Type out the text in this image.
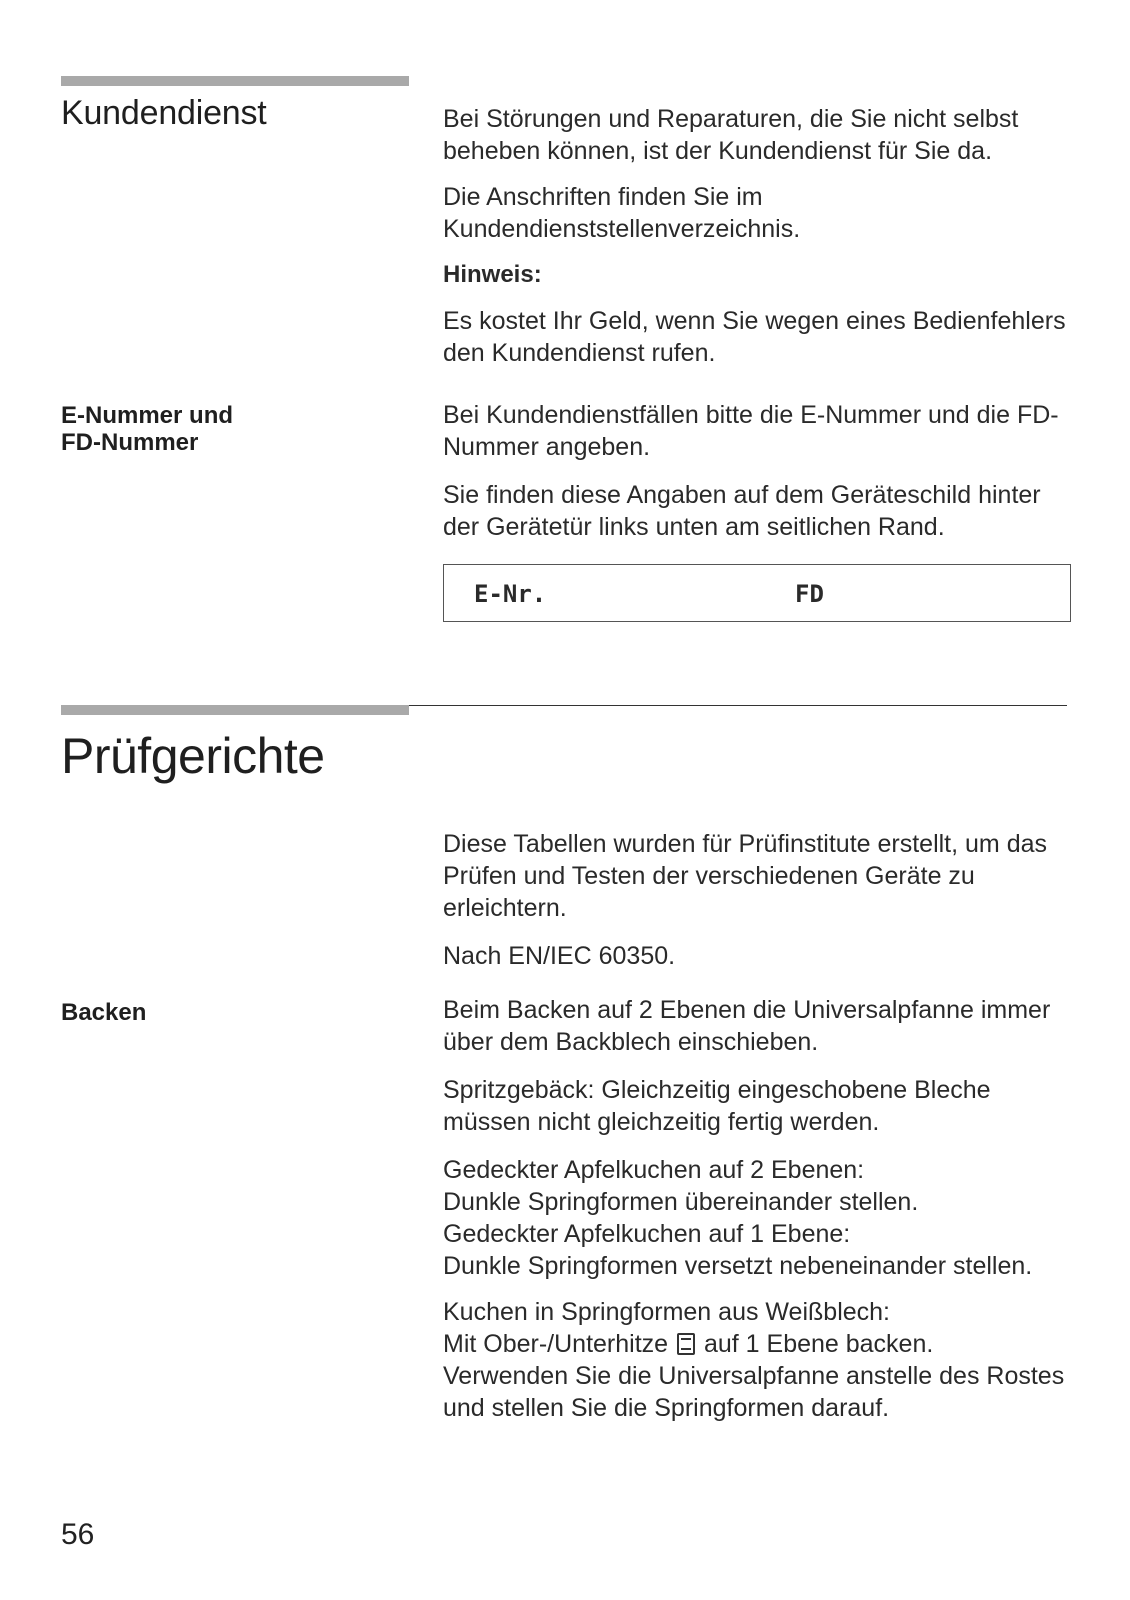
Kundendienst	Bei Störungen und Reparaturen, die Sie nicht selbst beheben können, ist der Kundendienst für Sie da.

Die Anschriften finden Sie im Kundendienststellenverzeichnis.

Hinweis:

Es kostet Ihr Geld, wenn Sie wegen eines Bedienfehlers den Kundendienst rufen.

E-Nummer und
FD-Nummer

Bei Kundendienstfällen bitte die E-Nummer und die FD-Nummer angeben.

Sie finden diese Angaben auf dem Geräteschild hinter der Gerätetür links unten am seitlichen Rand.

E-Nr.	FD
Prüfgerichte

Diese Tabellen wurden für Prüfinstitute erstellt, um das Prüfen und Testen der verschiedenen Geräte zu erleichtern.

Nach EN/IEC 60350.

Backen	Beim Backen auf 2 Ebenen die Universalpfanne immer über dem Backblech einschieben.

Spritzgebäck: Gleichzeitig eingeschobene Bleche müssen nicht gleichzeitig fertig werden.

Gedeckter Apfelkuchen auf 2 Ebenen:

Dunkle Springformen übereinander stellen.

Gedeckter Apfelkuchen auf 1 Ebene:

Dunkle Springformen versetzt nebeneinander stellen.

Kuchen in Springformen aus Weißblech:

Mit Ober-/Unterhitze auf 1 Ebene backen.

Verwenden Sie die Universalpfanne anstelle des Rostes und stellen Sie die Springformen darauf.

56
